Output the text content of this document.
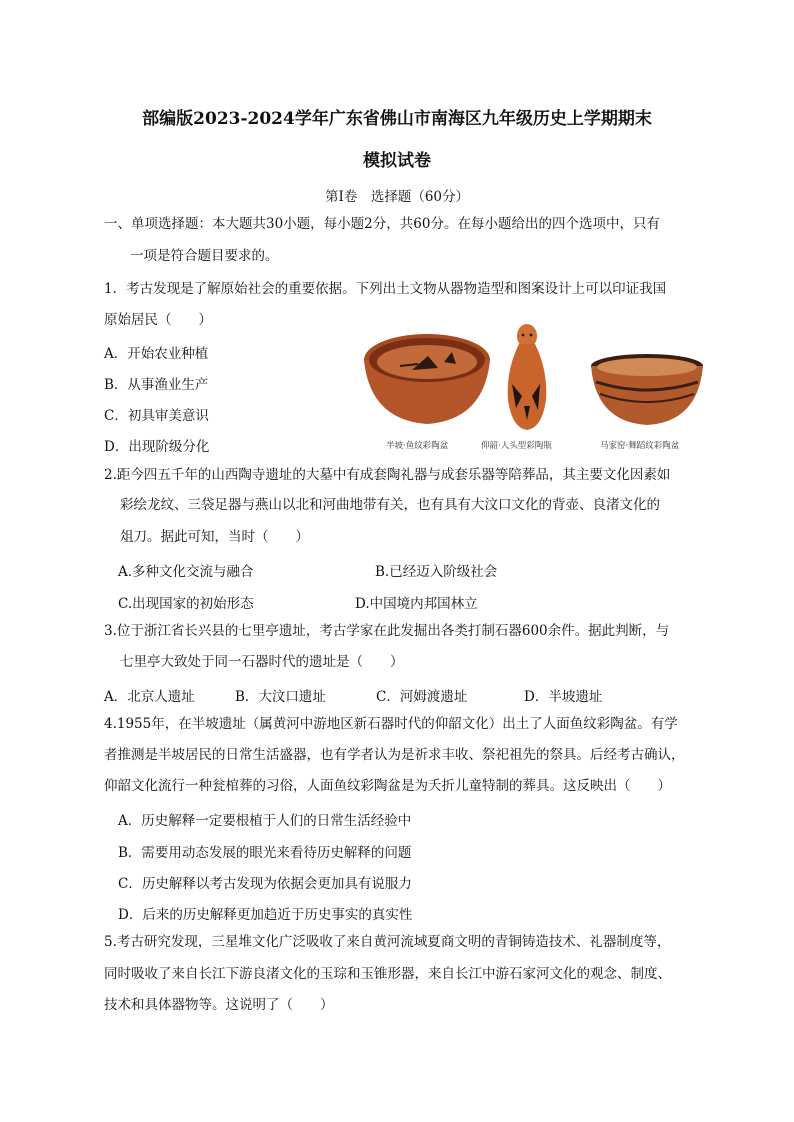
部编版2023-2024学年广东省佛山市南海区九年级历史上学期期末
模拟试卷
第I卷　选择题（60分）
一、单项选择题：本大题共30小题，每小题2分，共60分。在每小题给出的四个选项中，只有
一项是符合题目要求的。
1．考古发现是了解原始社会的重要依据。下列出土文物从器物造型和图案设计上可以印证我国
原始居民（　　）
A．开始农业种植
B．从事渔业生产
C．初具审美意识
D．出现阶级分化	半坡·鱼纹彩陶盆	仰韶·人头型彩陶瓶	马家窑·舞蹈纹彩陶盆
2.距今四五千年的山西陶寺遗址的大墓中有成套陶礼器与成套乐器等陪葬品，其主要文化因素如
彩绘龙纹、三袋足器与燕山以北和河曲地带有关，也有具有大汶口文化的背壶、良渚文化的
俎刀。据此可知，当时（　　）
A.多种文化交流与融合	B.已经迈入阶级社会
C.出现国家的初始形态	D.中国境内邦国林立
3.位于浙江省长兴县的七里亭遗址，考古学家在此发掘出各类打制石器600余件。据此判断，与
七里亭大致处于同一石器时代的遗址是（　　）
A．北京人遗址	B．大汶口遗址	C．河姆渡遗址	D．半坡遗址
4.1955年，在半坡遗址（属黄河中游地区新石器时代的仰韶文化）出土了人面鱼纹彩陶盆。有学
者推测是半坡居民的日常生活盛器，也有学者认为是祈求丰收、祭祀祖先的祭具。后经考古确认，
仰韶文化流行一种瓮棺葬的习俗，人面鱼纹彩陶盆是为夭折儿童特制的葬具。这反映出（　　）
A．历史解释一定要根植于人们的日常生活经验中
B．需要用动态发展的眼光来看待历史解释的问题
C．历史解释以考古发现为依据会更加具有说服力
D．后来的历史解释更加趋近于历史事实的真实性
5.考古研究发现，三星堆文化广泛吸收了来自黄河流域夏商文明的青铜铸造技术、礼器制度等，
同时吸收了来自长江下游良渚文化的玉琮和玉锥形器，来自长江中游石家河文化的观念、制度、
技术和具体器物等。这说明了（　　）
